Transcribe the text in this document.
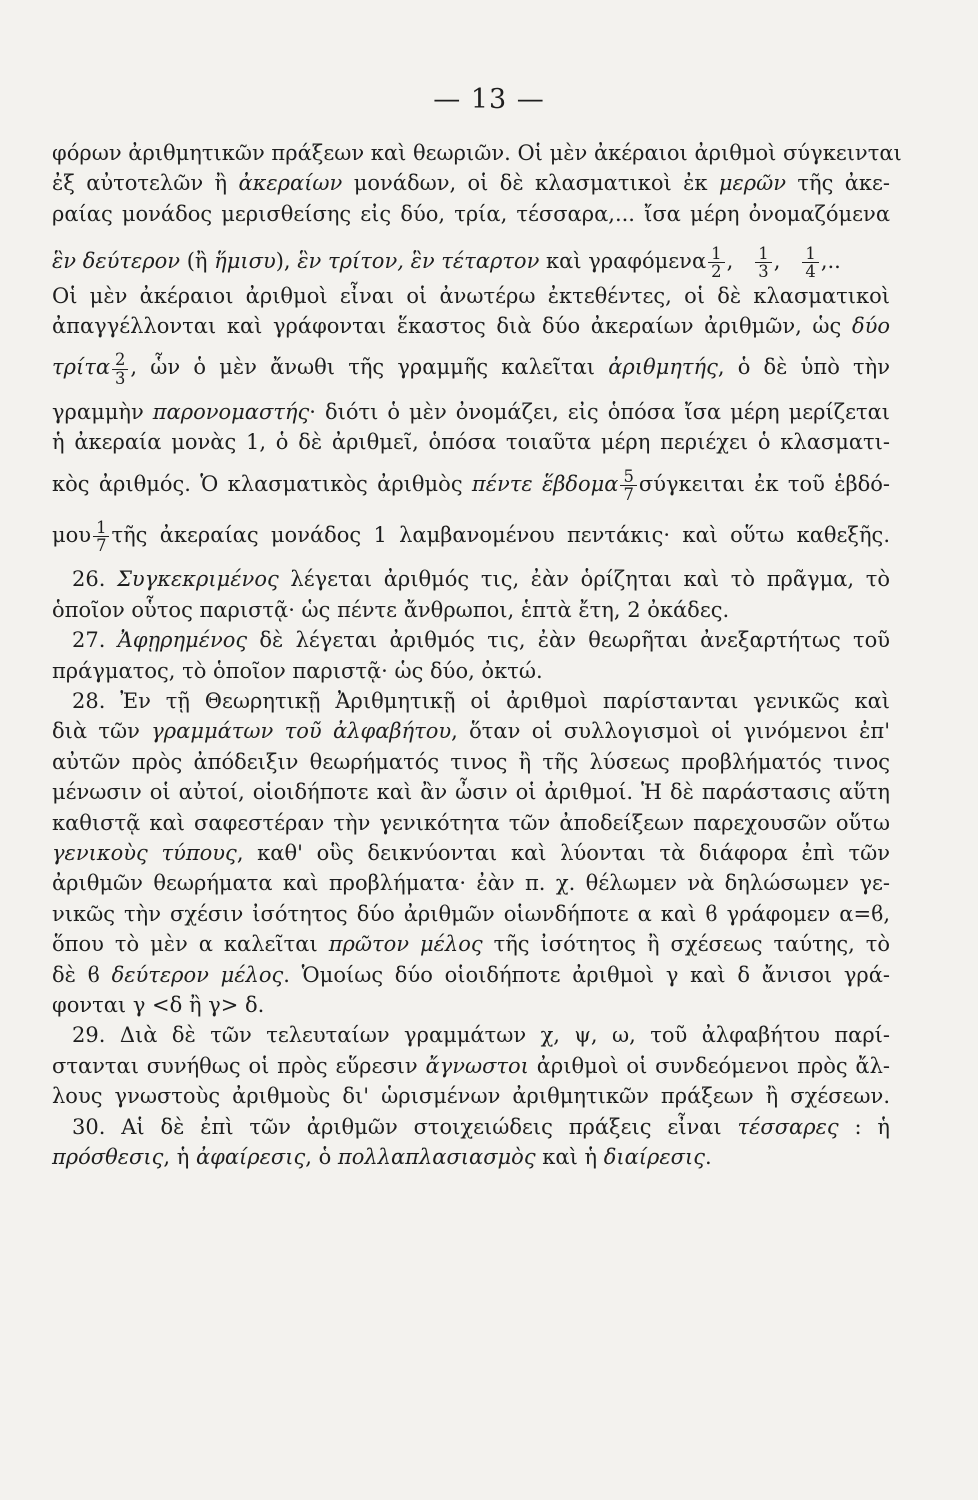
— 13 —
φόρων ἀριθμητικῶν πράξεων καὶ θεωριῶν. Οἱ μὲν ἀκέραιοι ἀριθμοὶ σύγκεινται
ἐξ αὐτοτελῶν ἢ ἀκεραίων μονάδων, οἱ δὲ κλασματικοὶ ἐκ μερῶν τῆς ἀκε-
ραίας μονάδος μερισθείσης εἰς δύο, τρία, τέσσαρα,... ἴσα μέρη ὀνομαζόμενα
ἓν δεύτερον (ἢ ἥμισυ), ἓν τρίτον, ἓν τέταρτον καὶ γραφόμενα $\frac{1}{2}$ , $\frac{1}{3}$ , $\frac{1}{4}$ ,..
Οἱ μὲν ἀκέραιοι ἀριθμοὶ εἶναι οἱ ἀνωτέρω ἐκτεθέντες, οἱ δὲ κλασματικοὶ
ἀπαγγέλλονται καὶ γράφονται ἕκαστος διὰ δύο ἀκεραίων ἀριθμῶν, ὡς δύο
τρίτα $\frac{2}{3}$ , ὧν ὁ μὲν ἄνωθι τῆς γραμμῆς καλεῖται ἀριθμητής, ὁ δὲ ὑπὸ τὴν
γραμμὴν παρονομαστής· διότι ὁ μὲν ὀνομάζει, εἰς ὁπόσα ἴσα μέρη μερίζεται
ἡ ἀκεραία μονὰς 1, ὁ δὲ ἀριθμεῖ, ὁπόσα τοιαῦτα μέρη περιέχει ὁ κλασματι-
κὸς ἀριθμός. Ὁ κλασματικὸς ἀριθμὸς πέντε ἕβδομα $\frac{5}{7}$ σύγκειται ἐκ τοῦ ἑβδό-
μου $\frac{1}{7}$ τῆς ἀκεραίας μονάδος 1 λαμβανομένου πεντάκις· καὶ οὕτω καθεξῆς.
26. Συγκεκριμένος λέγεται ἀριθμός τις, ἐὰν ὁρίζηται καὶ τὸ πρᾶγμα, τὸ
ὁποῖον οὗτος παριστᾷ· ὡς πέντε ἄνθρωποι, ἑπτὰ ἔτη, 2 ὀκάδες.
27. Ἀφῃρημένος δὲ λέγεται ἀριθμός τις, ἐὰν θεωρῆται ἀνεξαρτήτως τοῦ
πράγματος, τὸ ὁποῖον παριστᾷ· ὡς δύο, ὀκτώ.
28. Ἐν τῇ Θεωρητικῇ Ἀριθμητικῇ οἱ ἀριθμοὶ παρίστανται γενικῶς καὶ
διὰ τῶν γραμμάτων τοῦ ἀλφαβήτου, ὅταν οἱ συλλογισμοὶ οἱ γινόμενοι ἐπ'
αὐτῶν πρὸς ἀπόδειξιν θεωρήματός τινος ἢ τῆς λύσεως προβλήματός τινος
μένωσιν οἱ αὐτοί, οἱοιδήποτε καὶ ἂν ὦσιν οἱ ἀριθμοί. Ἡ δὲ παράστασις αὕτη
καθιστᾷ καὶ σαφεστέραν τὴν γενικότητα τῶν ἀποδείξεων παρεχουσῶν οὕτω
γενικοὺς τύπους, καθ' οὓς δεικνύονται καὶ λύονται τὰ διάφορα ἐπὶ τῶν
ἀριθμῶν θεωρήματα καὶ προβλήματα· ἐὰν π. χ. θέλωμεν νὰ δηλώσωμεν γε-
νικῶς τὴν σχέσιν ἰσότητος δύο ἀριθμῶν οἱωνδήποτε α καὶ ϐ γράφομεν α=ϐ,
ὅπου τὸ μὲν α καλεῖται πρῶτον μέλος τῆς ἰσότητος ἢ σχέσεως ταύτης, τὸ
δὲ ϐ δεύτερον μέλος. Ὁμοίως δύο οἱοιδήποτε ἀριθμοὶ γ καὶ δ ἄνισοι γρά-
φονται γ <δ ἢ γ> δ.
29. Διὰ δὲ τῶν τελευταίων γραμμάτων χ, ψ, ω, τοῦ ἀλφαβήτου παρί-
στανται συνήθως οἱ πρὸς εὕρεσιν ἄγνωστοι ἀριθμοὶ οἱ συνδεόμενοι πρὸς ἄλ-
λους γνωστοὺς ἀριθμοὺς δι' ὡρισμένων ἀριθμητικῶν πράξεων ἢ σχέσεων.
30. Αἱ δὲ ἐπὶ τῶν ἀριθμῶν στοιχειώδεις πράξεις εἶναι τέσσαρες : ἡ
πρόσθεσις, ἡ ἀφαίρεσις, ὁ πολλαπλασιασμὸς καὶ ἡ διαίρεσις.
